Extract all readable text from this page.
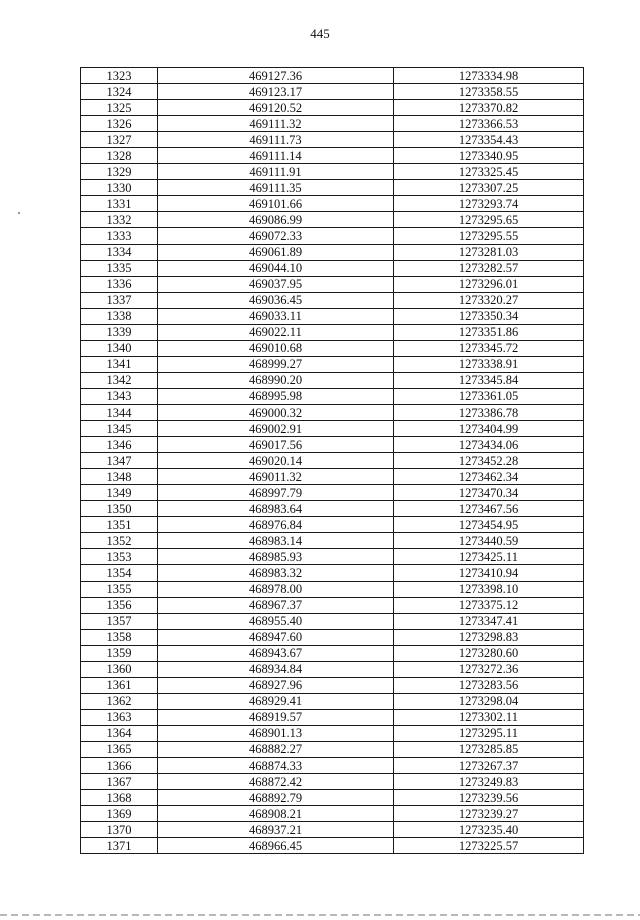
445
1323	469127.36	1273334.98
1324	469123.17	1273358.55
1325	469120.52	1273370.82
1326	469111.32	1273366.53
1327	469111.73	1273354.43
1328	469111.14	1273340.95
1329	469111.91	1273325.45
1330	469111.35	1273307.25
1331	469101.66	1273293.74
1332	469086.99	1273295.65
1333	469072.33	1273295.55
1334	469061.89	1273281.03
1335	469044.10	1273282.57
1336	469037.95	1273296.01
1337	469036.45	1273320.27
1338	469033.11	1273350.34
1339	469022.11	1273351.86
1340	469010.68	1273345.72
1341	468999.27	1273338.91
1342	468990.20	1273345.84
1343	468995.98	1273361.05
1344	469000.32	1273386.78
1345	469002.91	1273404.99
1346	469017.56	1273434.06
1347	469020.14	1273452.28
1348	469011.32	1273462.34
1349	468997.79	1273470.34
1350	468983.64	1273467.56
1351	468976.84	1273454.95
1352	468983.14	1273440.59
1353	468985.93	1273425.11
1354	468983.32	1273410.94
1355	468978.00	1273398.10
1356	468967.37	1273375.12
1357	468955.40	1273347.41
1358	468947.60	1273298.83
1359	468943.67	1273280.60
1360	468934.84	1273272.36
1361	468927.96	1273283.56
1362	468929.41	1273298.04
1363	468919.57	1273302.11
1364	468901.13	1273295.11
1365	468882.27	1273285.85
1366	468874.33	1273267.37
1367	468872.42	1273249.83
1368	468892.79	1273239.56
1369	468908.21	1273239.27
1370	468937.21	1273235.40
1371	468966.45	1273225.57
